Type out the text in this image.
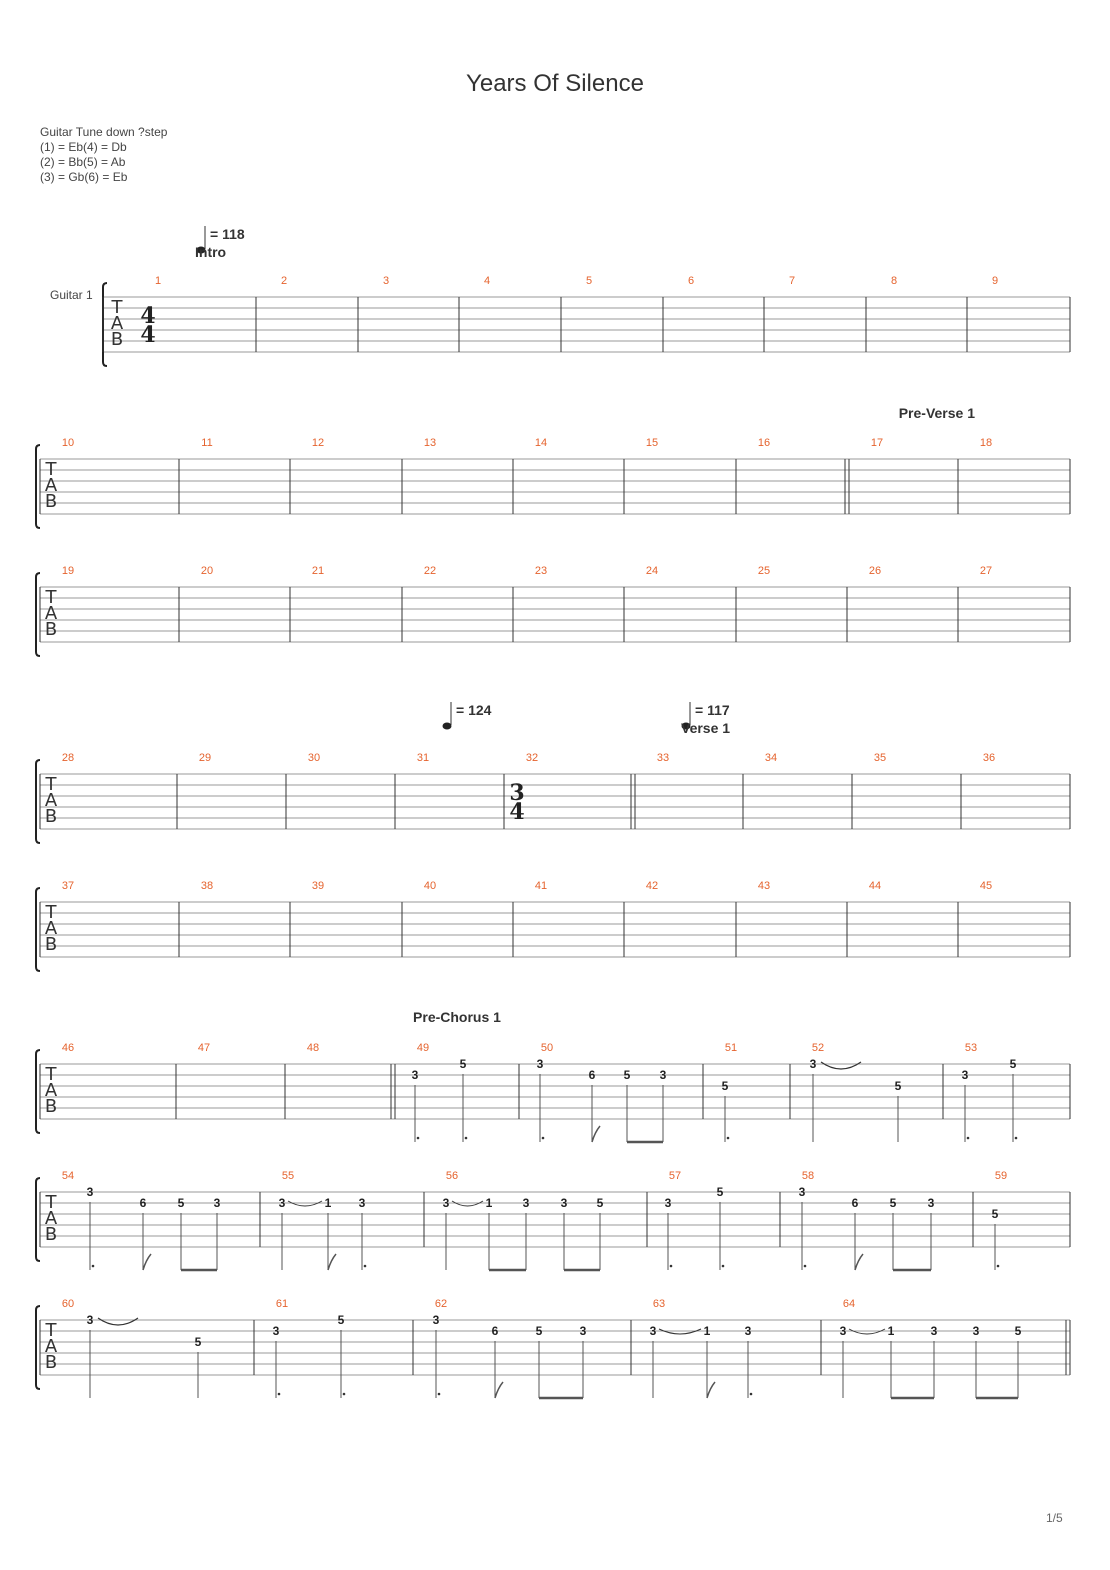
Years Of Silence
Guitar Tune down ?step
(1) = Eb(4) = Db
(2) = Bb(5) = Ab
(3) = Gb(6) = Eb
Guitar 1
1/5
T
A
B
1	2	3	4	5	6	7	8	9
T
A
B
10	11	12	13	14	15	16	17	18
T
A
B
19	20	21	22	23	24	25	26	27
T
A
B
28	29	30	31	32	33	34	35	36
T
A
B
37	38	39	40	41	42	43	44	45
T
A
B
46	47	48	49	50	51	52	53
3
5	3
6 5 3
5
3
5
3
5
T
A
B
54	55	56	57	58	59
3
6	5 3	3	1 3	3	1	3	3 5	3
5	3
6	5	3
5
T
A
B
60	61	62	63	64
3
5
3
5	3
6	5	3	3	1	3	3	1	3	3	5
4
4
3
4
= 118
= 124	= 117
Intro
Pre-Verse 1
Verse 1
Pre-Chorus 1
